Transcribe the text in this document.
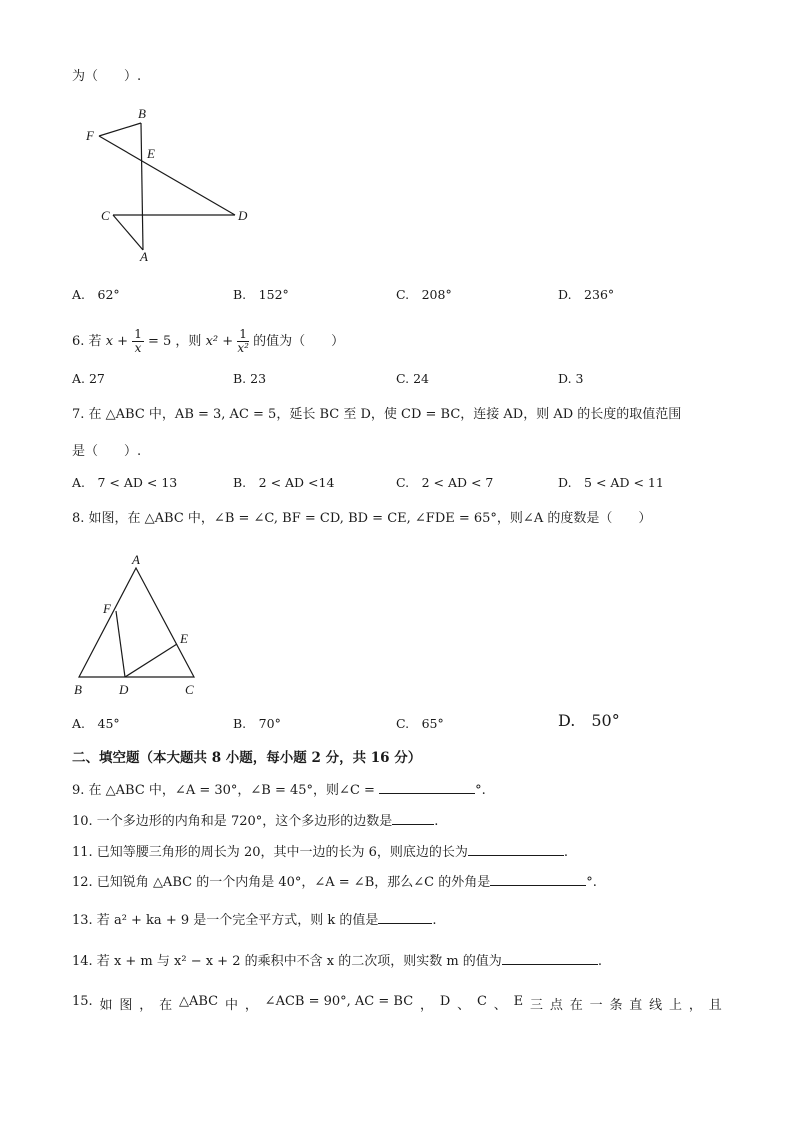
为（　　）.
B
F
E
C	D
A
A.　62°	B.　152°	C.　208°	D.　236°
6. 若 $x + \frac{1}{x} = 5$ ，则 $x^2 + \frac{1}{\text{x²}}$ 的值为（　　）
A. 27	B. 23	C. 24	D. 3
7. 在 △ABC 中，AB = 3, AC = 5，延长 BC 至 D，使 CD = BC，连接 AD，则 AD 的长度的取值范围
是（　　）.
A.　7 < AD < 13	B.　2 < AD <14	C.　2 < AD < 7	D.　5 < AD < 11
8. 如图，在 △ABC 中，∠B = ∠C, BF = CD, BD = CE, ∠FDE = 65°，则∠A 的度数是（　　）
A
F
E
B	D	C
A.　45°	B.　70°	C.　65°	D.　50°
二、填空题（本大题共 8 小题，每小题 2 分，共 16 分）
9. 在 △ABC 中，∠A = 30°，∠B = 45°，则∠C =	°.
10. 一个多边形的内角和是 720°，这个多边形的边数是	.
11. 已知等腰三角形的周长为 20，其中一边的长为 6，则底边的长为	.
12. 已知锐角 △ABC 的一个内角是 40°，∠A = ∠B，那么∠C 的外角是	°.
13. 若 a² + ka + 9 是一个完全平方式，则 k 的值是	.
14. 若 x + m 与 x² − x + 2 的乘积中不含 x 的二次项，则实数 m 的值为	.
15. 如 图 ， 在 △ABC 中 ， ∠ACB = 90°, AC = BC ， D 、 C 、 E 三 点 在 一 条 直 线 上 ， 且
